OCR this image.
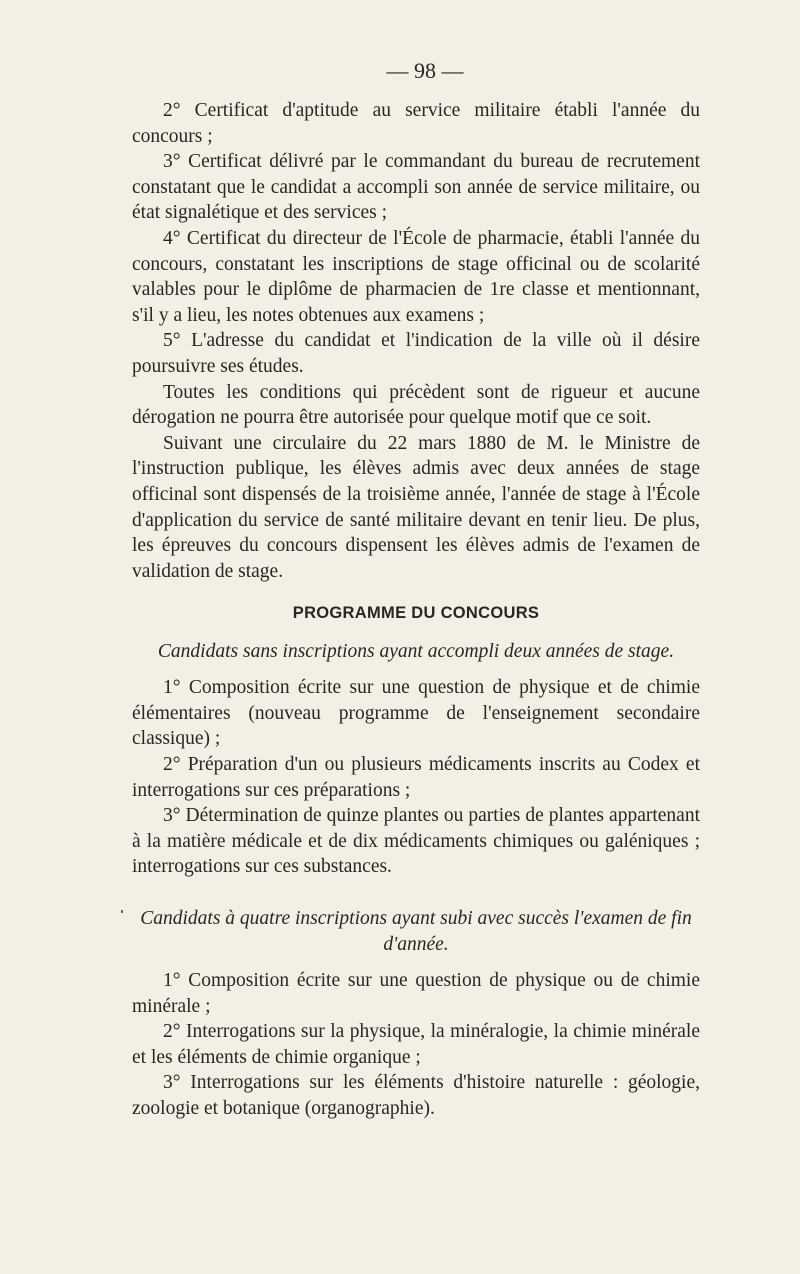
— 98 —

2° Certificat d'aptitude au service militaire établi l'année du concours ;

3° Certificat délivré par le commandant du bureau de recrutement constatant que le candidat a accompli son année de service militaire, ou état signalétique et des services ;

4° Certificat du directeur de l'École de pharmacie, établi l'année du concours, constatant les inscriptions de stage officinal ou de scolarité valables pour le diplôme de pharmacien de 1re classe et mentionnant, s'il y a lieu, les notes obtenues aux examens ;

5° L'adresse du candidat et l'indication de la ville où il désire poursuivre ses études.

Toutes les conditions qui précèdent sont de rigueur et aucune dérogation ne pourra être autorisée pour quelque motif que ce soit.

Suivant une circulaire du 22 mars 1880 de M. le Ministre de l'instruction publique, les élèves admis avec deux années de stage officinal sont dispensés de la troisième année, l'année de stage à l'École d'application du service de santé militaire devant en tenir lieu. De plus, les épreuves du concours dispensent les élèves admis de l'examen de validation de stage.

PROGRAMME DU CONCOURS
Candidats sans inscriptions ayant accompli deux années de stage.

1° Composition écrite sur une question de physique et de chimie élémentaires (nouveau programme de l'enseignement secondaire classique) ;

2° Préparation d'un ou plusieurs médicaments inscrits au Codex et interrogations sur ces préparations ;

3° Détermination de quinze plantes ou parties de plantes appartenant à la matière médicale et de dix médicaments chimiques ou galéniques ; interrogations sur ces substances.

Candidats à quatre inscriptions ayant subi avec succès l'examen de fin d'année.

1° Composition écrite sur une question de physique ou de chimie minérale ;

2° Interrogations sur la physique, la minéralogie, la chimie minérale et les éléments de chimie organique ;

3° Interrogations sur les éléments d'histoire naturelle : géologie, zoologie et botanique (organographie).
